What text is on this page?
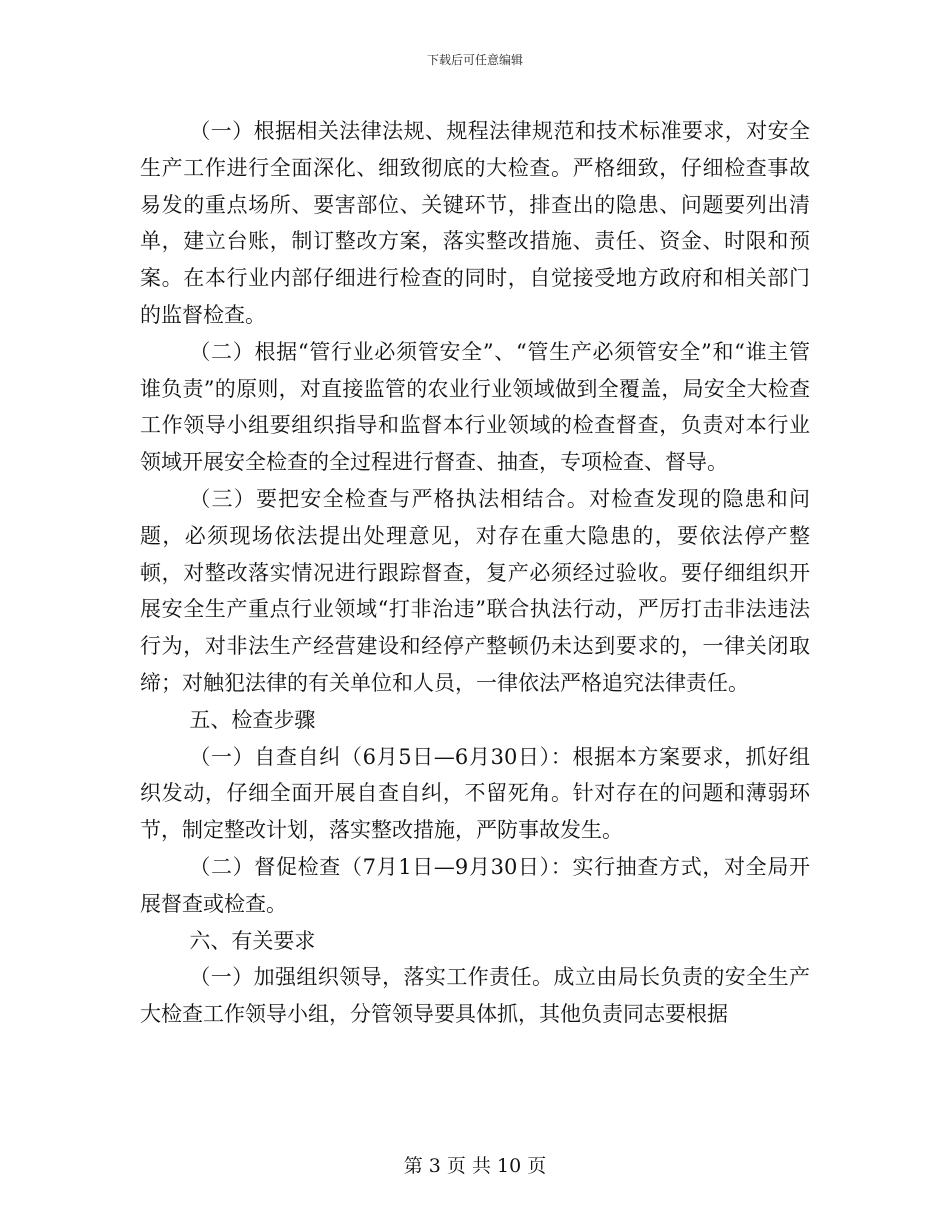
下载后可任意编辑

（一）根据相关法律法规、规程法律规范和技术标准要求，对安全生产工作进行全面深化、细致彻底的大检查。严格细致，仔细检查事故易发的重点场所、要害部位、关键环节，排查出的隐患、问题要列出清单，建立台账，制订整改方案，落实整改措施、责任、资金、时限和预案。在本行业内部仔细进行检查的同时，自觉接受地方政府和相关部门的监督检查。

（二）根据“管行业必须管安全”、“管生产必须管安全”和“谁主管谁负责”的原则，对直接监管的农业行业领域做到全覆盖，局安全大检查工作领导小组要组织指导和监督本行业领域的检查督查，负责对本行业领域开展安全检查的全过程进行督查、抽查，专项检查、督导。

（三）要把安全检查与严格执法相结合。对检查发现的隐患和问题，必须现场依法提出处理意见，对存在重大隐患的，要依法停产整顿，对整改落实情况进行跟踪督查，复产必须经过验收。要仔细组织开展安全生产重点行业领域“打非治违”联合执法行动，严厉打击非法违法行为，对非法生产经营建设和经停产整顿仍未达到要求的，一律关闭取缔；对触犯法律的有关单位和人员，一律依法严格追究法律责任。

五、检查步骤

（一）自查自纠（6月5日—6月30日）：根据本方案要求，抓好组织发动，仔细全面开展自查自纠，不留死角。针对存在的问题和薄弱环节，制定整改计划，落实整改措施，严防事故发生。

（二）督促检查（7月1日—9月30日）：实行抽查方式，对全局开展督查或检查。

六、有关要求

（一）加强组织领导，落实工作责任。成立由局长负责的安全生产大检查工作领导小组，分管领导要具体抓，其他负责同志要根据

第 3 页 共 10 页
